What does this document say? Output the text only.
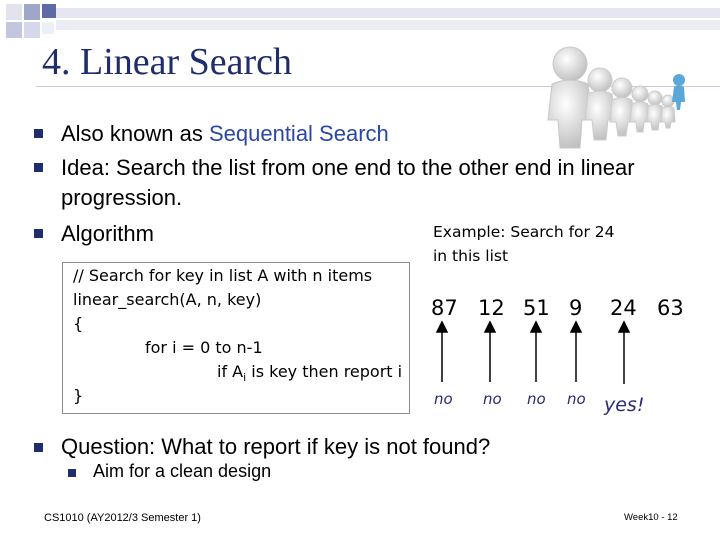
4. Linear Search
Also known as Sequential Search
Idea: Search the list from one end to the other end in linear
progression.
Algorithm
// Search for key in list A with n items
linear_search(A, n, key)
{
for i = 0 to n-1
if $A_i$ is key then report i
}
Example: Search for 24
in this list
87 12 51 9 24 63
no no no no yes!
Question: What to report if key is not found?
Aim for a clean design
CS1010 (AY2012/3 Semester 1)	Week10 - 12
